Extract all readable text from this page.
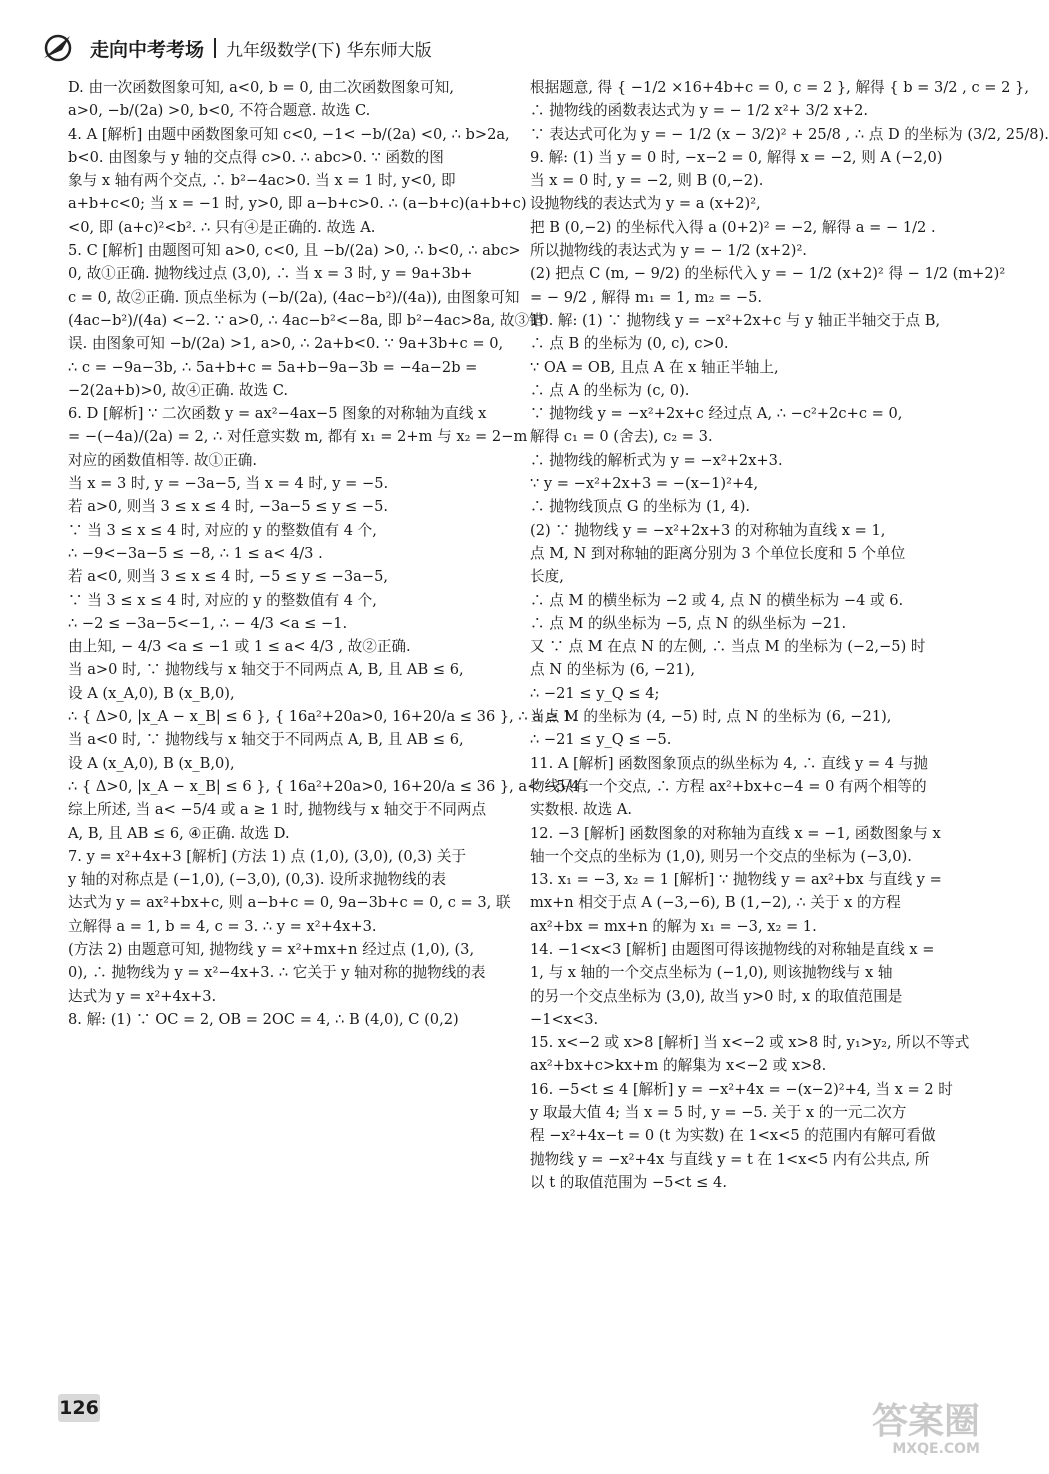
走向中考考场 九年级数学(下) 华东师大版
D. 由一次函数图象可知, a<0, b = 0, 由二次函数图象可知,
a>0, −b/(2a) >0, b<0, 不符合题意. 故选 C.
4. A [解析] 由题中函数图象可知 c<0, −1< −b/(2a) <0, ∴ b>2a,
b<0. 由图象与 y 轴的交点得 c>0. ∴ abc>0. ∵ 函数的图
象与 x 轴有两个交点, ∴ b²−4ac>0. 当 x = 1 时, y<0, 即
a+b+c<0; 当 x = −1 时, y>0, 即 a−b+c>0. ∴ (a−b+c)(a+b+c)
<0, 即 (a+c)²<b². ∴ 只有④是正确的. 故选 A.
5. C [解析] 由题图可知 a>0, c<0, 且 −b/(2a) >0, ∴ b<0, ∴ abc>
0, 故①正确. 抛物线过点 (3,0), ∴ 当 x = 3 时, y = 9a+3b+
c = 0, 故②正确. 顶点坐标为 (−b/(2a), (4ac−b²)/(4a)), 由图象可知
(4ac−b²)/(4a) <−2. ∵ a>0, ∴ 4ac−b²<−8a, 即 b²−4ac>8a, 故③错
误. 由图象可知 −b/(2a) >1, a>0, ∴ 2a+b<0. ∵ 9a+3b+c = 0,
∴ c = −9a−3b, ∴ 5a+b+c = 5a+b−9a−3b = −4a−2b =
−2(2a+b)>0, 故④正确. 故选 C.
6. D [解析] ∵ 二次函数 y = ax²−4ax−5 图象的对称轴为直线 x
= −(−4a)/(2a) = 2, ∴ 对任意实数 m, 都有 x₁ = 2+m 与 x₂ = 2−m
对应的函数值相等. 故①正确.
当 x = 3 时, y = −3a−5, 当 x = 4 时, y = −5.
若 a>0, 则当 3 ≤ x ≤ 4 时, −3a−5 ≤ y ≤ −5.
∵ 当 3 ≤ x ≤ 4 时, 对应的 y 的整数值有 4 个,
∴ −9<−3a−5 ≤ −8, ∴ 1 ≤ a< 4/3 .
若 a<0, 则当 3 ≤ x ≤ 4 时, −5 ≤ y ≤ −3a−5,
∵ 当 3 ≤ x ≤ 4 时, 对应的 y 的整数值有 4 个,
∴ −2 ≤ −3a−5<−1, ∴ − 4/3 <a ≤ −1.
由上知, − 4/3 <a ≤ −1 或 1 ≤ a< 4/3 , 故②正确.
当 a>0 时, ∵ 抛物线与 x 轴交于不同两点 A, B, 且 AB ≤ 6,
设 A (x_A,0), B (x_B,0),
∴ { Δ>0, |x_A − x_B| ≤ 6 }, { 16a²+20a>0, 16+20/a ≤ 36 }, ∴ a ≥ 1.
当 a<0 时, ∵ 抛物线与 x 轴交于不同两点 A, B, 且 AB ≤ 6,
设 A (x_A,0), B (x_B,0),
∴ { Δ>0, |x_A − x_B| ≤ 6 }, { 16a²+20a>0, 16+20/a ≤ 36 }, a< −5/4 .
综上所述, 当 a< −5/4 或 a ≥ 1 时, 抛物线与 x 轴交于不同两点
A, B, 且 AB ≤ 6, ④正确. 故选 D.
7. y = x²+4x+3 [解析] (方法 1) 点 (1,0), (3,0), (0,3) 关于
y 轴的对称点是 (−1,0), (−3,0), (0,3). 设所求抛物线的表
达式为 y = ax²+bx+c, 则 a−b+c = 0, 9a−3b+c = 0, c = 3, 联
立解得 a = 1, b = 4, c = 3. ∴ y = x²+4x+3.
(方法 2) 由题意可知, 抛物线 y = x²+mx+n 经过点 (1,0), (3,
0), ∴ 抛物线为 y = x²−4x+3. ∴ 它关于 y 轴对称的抛物线的表
达式为 y = x²+4x+3.
8. 解: (1) ∵ OC = 2, OB = 2OC = 4, ∴ B (4,0), C (0,2)
根据题意, 得 { −1/2 ×16+4b+c = 0, c = 2 }, 解得 { b = 3/2 , c = 2 },
∴ 抛物线的函数表达式为 y = − 1/2 x²+ 3/2 x+2.
∵ 表达式可化为 y = − 1/2 (x − 3/2)² + 25/8 , ∴ 点 D 的坐标为 (3/2, 25/8).
9. 解: (1) 当 y = 0 时, −x−2 = 0, 解得 x = −2, 则 A (−2,0)
当 x = 0 时, y = −2, 则 B (0,−2).
设抛物线的表达式为 y = a (x+2)²,
把 B (0,−2) 的坐标代入得 a (0+2)² = −2, 解得 a = − 1/2 .
所以抛物线的表达式为 y = − 1/2 (x+2)².
(2) 把点 C (m, − 9/2) 的坐标代入 y = − 1/2 (x+2)² 得 − 1/2 (m+2)²
= − 9/2 , 解得 m₁ = 1, m₂ = −5.
10. 解: (1) ∵ 抛物线 y = −x²+2x+c 与 y 轴正半轴交于点 B,
∴ 点 B 的坐标为 (0, c), c>0.
∵ OA = OB, 且点 A 在 x 轴正半轴上,
∴ 点 A 的坐标为 (c, 0).
∵ 抛物线 y = −x²+2x+c 经过点 A, ∴ −c²+2c+c = 0,
解得 c₁ = 0 (舍去), c₂ = 3.
∴ 抛物线的解析式为 y = −x²+2x+3.
∵ y = −x²+2x+3 = −(x−1)²+4,
∴ 抛物线顶点 G 的坐标为 (1, 4).
(2) ∵ 抛物线 y = −x²+2x+3 的对称轴为直线 x = 1,
点 M, N 到对称轴的距离分别为 3 个单位长度和 5 个单位
长度,
∴ 点 M 的横坐标为 −2 或 4, 点 N 的横坐标为 −4 或 6.
∴ 点 M 的纵坐标为 −5, 点 N 的纵坐标为 −21.
又 ∵ 点 M 在点 N 的左侧, ∴ 当点 M 的坐标为 (−2,−5) 时
点 N 的坐标为 (6, −21),
∴ −21 ≤ y_Q ≤ 4;
当点 M 的坐标为 (4, −5) 时, 点 N 的坐标为 (6, −21),
∴ −21 ≤ y_Q ≤ −5.
11. A [解析] 函数图象顶点的纵坐标为 4, ∴ 直线 y = 4 与抛
物线只有一个交点, ∴ 方程 ax²+bx+c−4 = 0 有两个相等的
实数根. 故选 A.
12. −3 [解析] 函数图象的对称轴为直线 x = −1, 函数图象与 x
轴一个交点的坐标为 (1,0), 则另一个交点的坐标为 (−3,0).
13. x₁ = −3, x₂ = 1 [解析] ∵ 抛物线 y = ax²+bx 与直线 y =
mx+n 相交于点 A (−3,−6), B (1,−2), ∴ 关于 x 的方程
ax²+bx = mx+n 的解为 x₁ = −3, x₂ = 1.
14. −1<x<3 [解析] 由题图可得该抛物线的对称轴是直线 x =
1, 与 x 轴的一个交点坐标为 (−1,0), 则该抛物线与 x 轴
的另一个交点坐标为 (3,0), 故当 y>0 时, x 的取值范围是
−1<x<3.
15. x<−2 或 x>8 [解析] 当 x<−2 或 x>8 时, y₁>y₂, 所以不等式
ax²+bx+c>kx+m 的解集为 x<−2 或 x>8.
16. −5<t ≤ 4 [解析] y = −x²+4x = −(x−2)²+4, 当 x = 2 时
y 取最大值 4; 当 x = 5 时, y = −5. 关于 x 的一元二次方
程 −x²+4x−t = 0 (t 为实数) 在 1<x<5 的范围内有解可看做
抛物线 y = −x²+4x 与直线 y = t 在 1<x<5 内有公共点, 所
以 t 的取值范围为 −5<t ≤ 4.
126	答案圈
MXQE.COM
